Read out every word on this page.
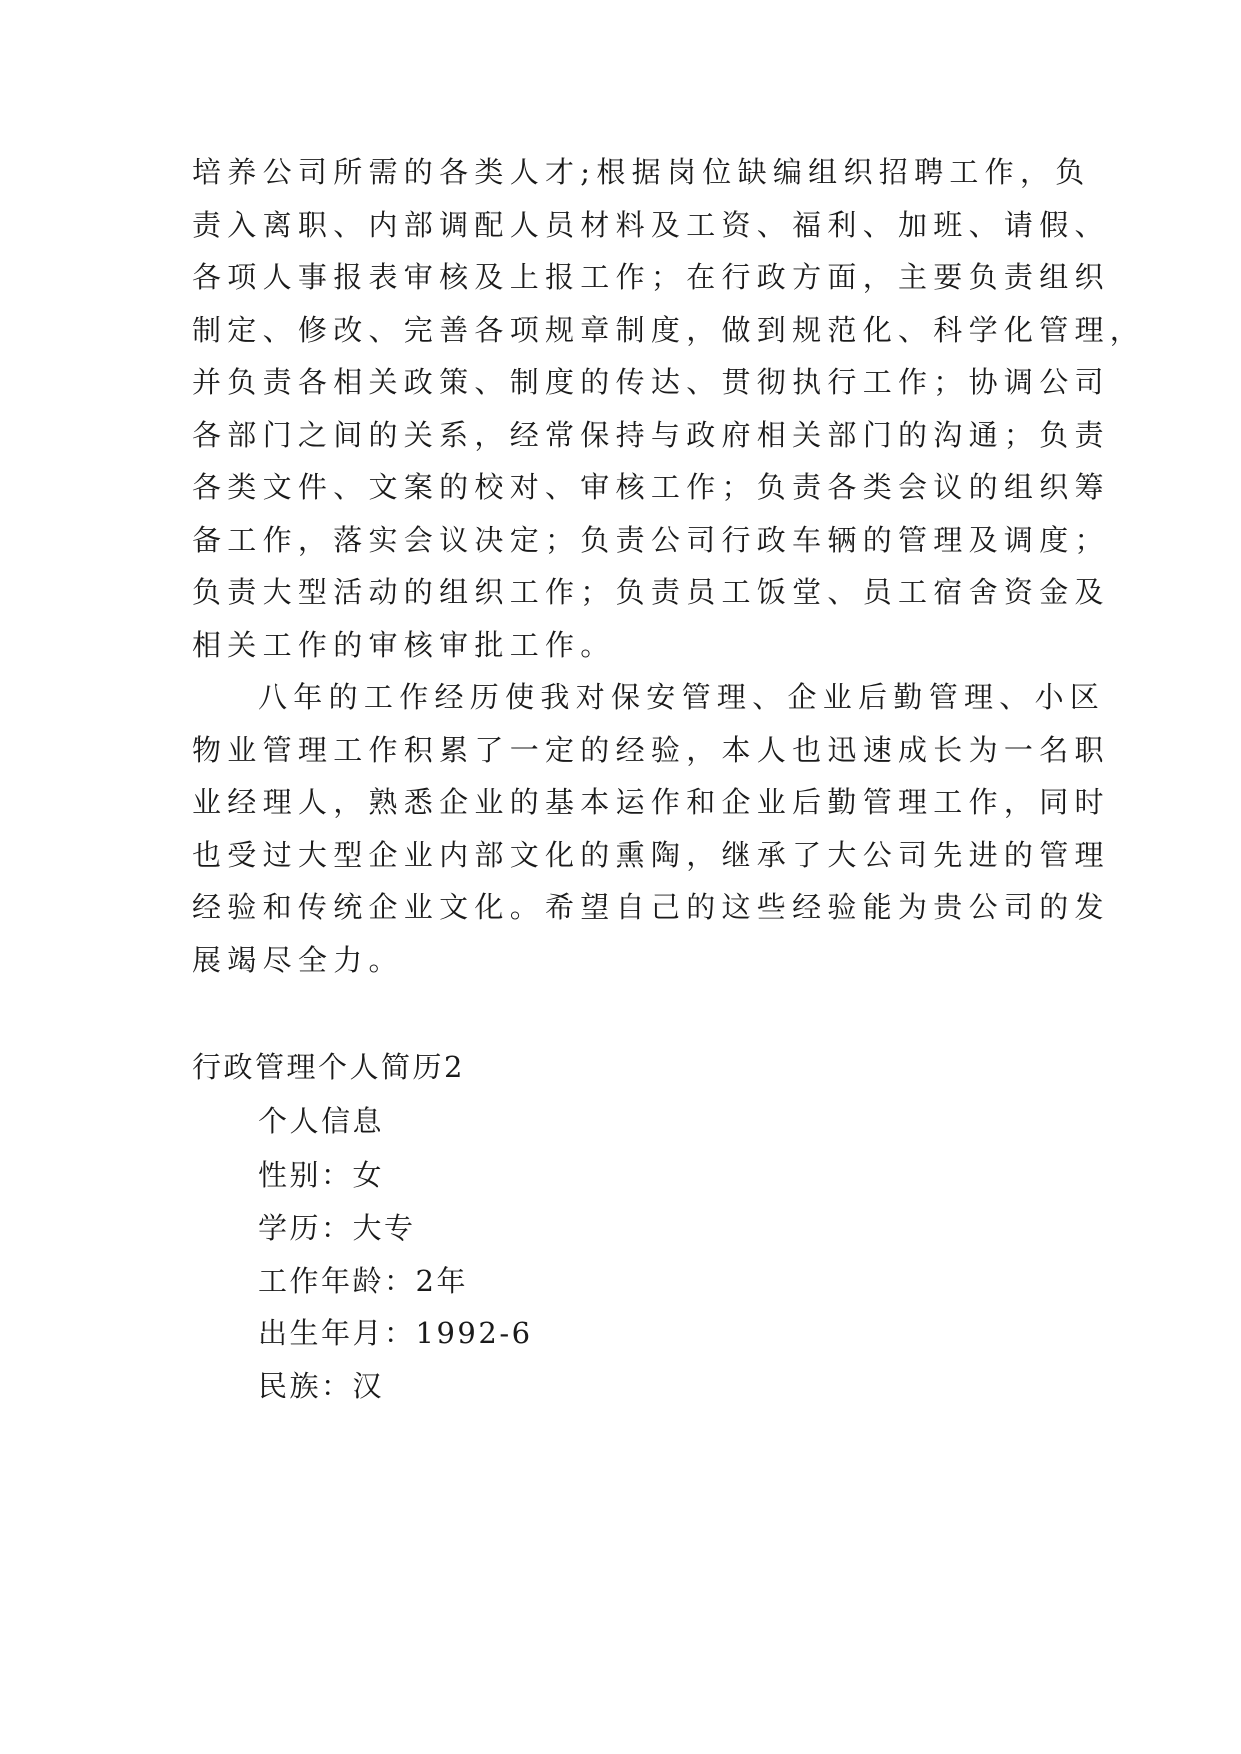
培养公司所需的各类人才;根据岗位缺编组织招聘工作，负
责入离职、内部调配人员材料及工资、福利、加班、请假、
各项人事报表审核及上报工作；在行政方面，主要负责组织
制定、修改、完善各项规章制度，做到规范化、科学化管理，
并负责各相关政策、制度的传达、贯彻执行工作；协调公司
各部门之间的关系，经常保持与政府相关部门的沟通；负责
各类文件、文案的校对、审核工作；负责各类会议的组织筹
备工作，落实会议决定；负责公司行政车辆的管理及调度；
负责大型活动的组织工作；负责员工饭堂、员工宿舍资金及
相关工作的审核审批工作。
八年的工作经历使我对保安管理、企业后勤管理、小区
物业管理工作积累了一定的经验，本人也迅速成长为一名职
业经理人，熟悉企业的基本运作和企业后勤管理工作，同时
也受过大型企业内部文化的熏陶，继承了大公司先进的管理
经验和传统企业文化。希望自己的这些经验能为贵公司的发
展竭尽全力。
行政管理个人简历2
个人信息
性别：女
学历：大专
工作年龄：2年
出生年月：1992-6
民族：汉
